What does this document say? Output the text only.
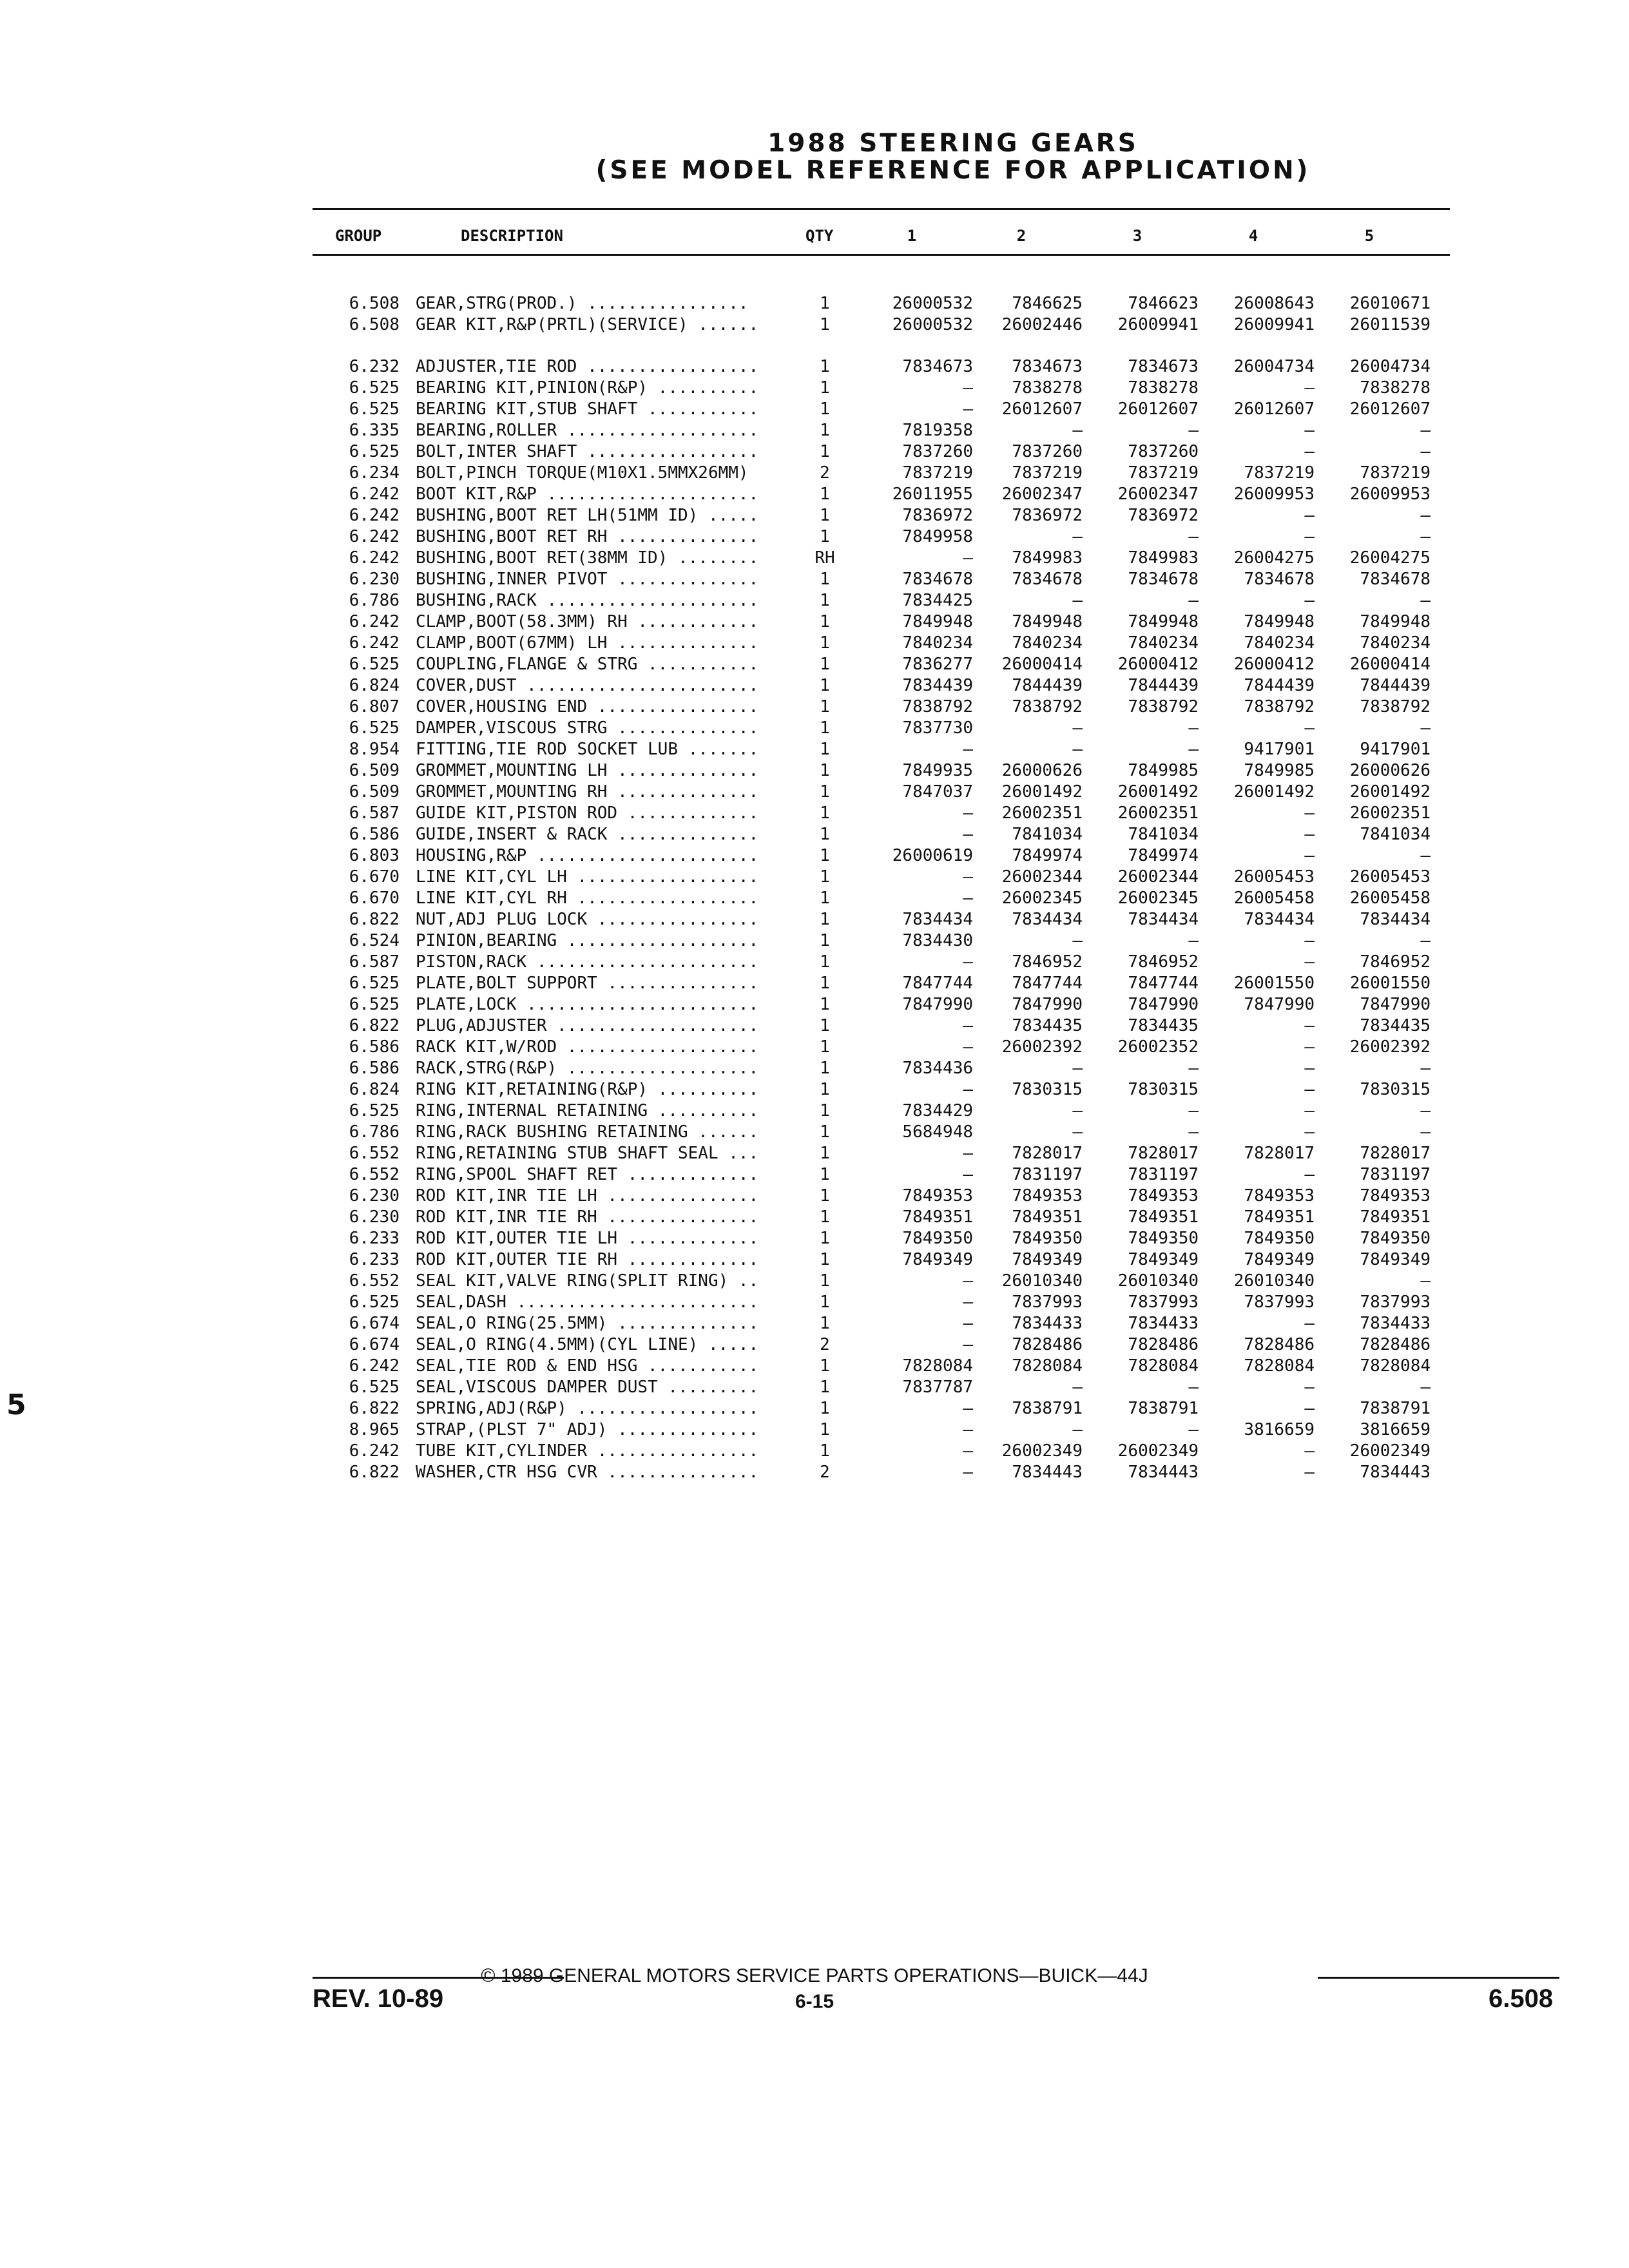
1988 STEERING GEARS
(SEE MODEL REFERENCE FOR APPLICATION)
GROUP	DESCRIPTION	QTY	1	2	3	4	5
6.508 GEAR,STRG(PROD.) ................	1	26000532	7846625	7846623	26008643	26010671
6.508 GEAR KIT,R&P(PRTL)(SERVICE) ......	1	26000532	26002446	26009941	26009941	26011539
6.232 ADJUSTER,TIE ROD .................	1	7834673	7834673	7834673	26004734	26004734
6.525 BEARING KIT,PINION(R&P) ..........	1	—	7838278	7838278	—	7838278
6.525 BEARING KIT,STUB SHAFT ...........	1	—	26012607	26012607	26012607	26012607
6.335 BEARING,ROLLER ...................	1	7819358	—	—	—	—
6.525 BOLT,INTER SHAFT .................	1	7837260	7837260	7837260	—	—
6.234 BOLT,PINCH TORQUE(M10X1.5MMX26MM)	2	7837219	7837219	7837219	7837219	7837219
6.242 BOOT KIT,R&P .....................	1	26011955	26002347	26002347	26009953	26009953
6.242 BUSHING,BOOT RET LH(51MM ID) .....	1	7836972	7836972	7836972	—	—
6.242 BUSHING,BOOT RET RH ..............	1	7849958	—	—	—	—
6.242 BUSHING,BOOT RET(38MM ID) ........	RH	—	7849983	7849983	26004275	26004275
6.230 BUSHING,INNER PIVOT ..............	1	7834678	7834678	7834678	7834678	7834678
6.786 BUSHING,RACK .....................	1	7834425	—	—	—	—
6.242 CLAMP,BOOT(58.3MM) RH ............	1	7849948	7849948	7849948	7849948	7849948
6.242 CLAMP,BOOT(67MM) LH ..............	1	7840234	7840234	7840234	7840234	7840234
6.525 COUPLING,FLANGE & STRG ...........	1	7836277	26000414	26000412	26000412	26000414
6.824 COVER,DUST .......................	1	7834439	7844439	7844439	7844439	7844439
6.807 COVER,HOUSING END ................	1	7838792	7838792	7838792	7838792	7838792
6.525 DAMPER,VISCOUS STRG ..............	1	7837730	—	—	—	—
8.954 FITTING,TIE ROD SOCKET LUB .......	1	—	—	—	9417901	9417901
6.509 GROMMET,MOUNTING LH ..............	1	7849935	26000626	7849985	7849985	26000626
6.509 GROMMET,MOUNTING RH ..............	1	7847037	26001492	26001492	26001492	26001492
6.587 GUIDE KIT,PISTON ROD .............	1	—	26002351	26002351	—	26002351
6.586 GUIDE,INSERT & RACK ..............	1	—	7841034	7841034	—	7841034
6.803 HOUSING,R&P ......................	1	26000619	7849974	7849974	—	—
6.670 LINE KIT,CYL LH ..................	1	—	26002344	26002344	26005453	26005453
6.670 LINE KIT,CYL RH ..................	1	—	26002345	26002345	26005458	26005458
6.822 NUT,ADJ PLUG LOCK ................	1	7834434	7834434	7834434	7834434	7834434
6.524 PINION,BEARING ...................	1	7834430	—	—	—	—
6.587 PISTON,RACK ......................	1	—	7846952	7846952	—	7846952
6.525 PLATE,BOLT SUPPORT ...............	1	7847744	7847744	7847744	26001550	26001550
6.525 PLATE,LOCK .......................	1	7847990	7847990	7847990	7847990	7847990
6.822 PLUG,ADJUSTER ....................	1	—	7834435	7834435	—	7834435
6.586 RACK KIT,W/ROD ...................	1	—	26002392	26002352	—	26002392
6.586 RACK,STRG(R&P) ...................	1	7834436	—	—	—	—
6.824 RING KIT,RETAINING(R&P) ..........	1	—	7830315	7830315	—	7830315
6.525 RING,INTERNAL RETAINING ..........	1	7834429	—	—	—	—
6.786 RING,RACK BUSHING RETAINING ......	1	5684948	—	—	—	—
6.552 RING,RETAINING STUB SHAFT SEAL ...	1	—	7828017	7828017	7828017	7828017
6.552 RING,SPOOL SHAFT RET .............	1	—	7831197	7831197	—	7831197
6.230 ROD KIT,INR TIE LH ...............	1	7849353	7849353	7849353	7849353	7849353
6.230 ROD KIT,INR TIE RH ...............	1	7849351	7849351	7849351	7849351	7849351
6.233 ROD KIT,OUTER TIE LH .............	1	7849350	7849350	7849350	7849350	7849350
6.233 ROD KIT,OUTER TIE RH .............	1	7849349	7849349	7849349	7849349	7849349
6.552 SEAL KIT,VALVE RING(SPLIT RING) ..	1	—	26010340	26010340	26010340	—
6.525 SEAL,DASH ........................	1	—	7837993	7837993	7837993	7837993
6.674 SEAL,O RING(25.5MM) ..............	1	—	7834433	7834433	—	7834433
6.674 SEAL,O RING(4.5MM)(CYL LINE) .....	2	—	7828486	7828486	7828486	7828486
6.242 SEAL,TIE ROD & END HSG ...........	1	7828084	7828084	7828084	7828084	7828084
6.525 SEAL,VISCOUS DAMPER DUST .........	1	7837787	—	—	—	—
6.822 SPRING,ADJ(R&P) ..................	1	—	7838791	7838791	—	7838791
8.965 STRAP,(PLST 7" ADJ) ..............	1	—	—	—	3816659	3816659
6.242 TUBE KIT,CYLINDER ................	1	—	26002349	26002349	—	26002349
6.822 WASHER,CTR HSG CVR ...............	2	—	7834443	7834443	—	7834443
© 1989 GENERAL MOTORS SERVICE PARTS OPERATIONS—BUICK—44J
REV. 10-89	6-15	6.508
5
